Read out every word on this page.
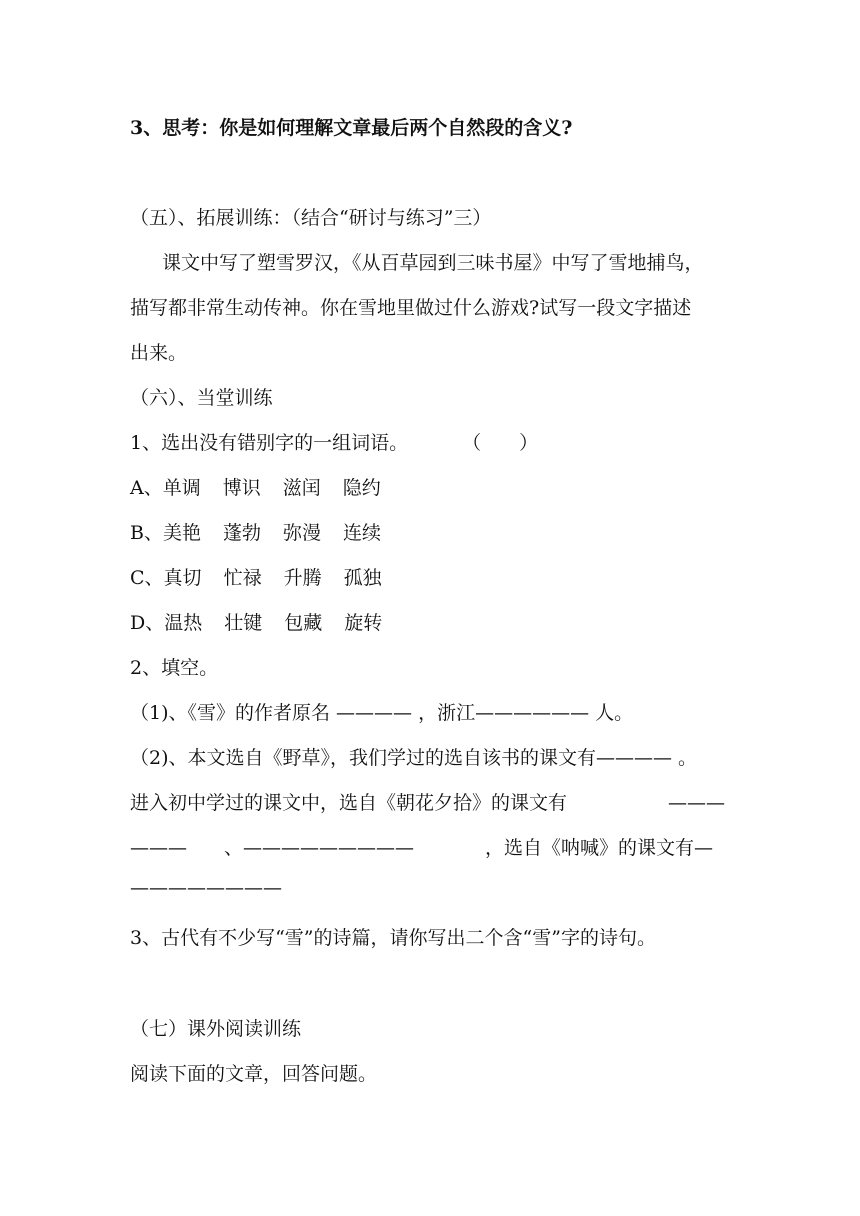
3、思考：你是如何理解文章最后两个自然段的含义?
（五）、拓展训练：（结合“研讨与练习”三）
课文中写了塑雪罗汉，《从百草园到三味书屋》中写了雪地捕鸟，
描写都非常生动传神。你在雪地里做过什么游戏?试写一段文字描述
出来。
（六）、当堂训练
1、选出没有错别字的一组词语。	（　　）
A、单调 博识 滋闰 隐约
B、美艳 蓬勃 弥漫 连续
C、真切 忙禄 升腾 孤独
D、温热 壮键 包藏 旋转
2、填空。
（1)、《雪》的作者原名 ———— ，浙江—————— 人。
（2)、本文选自《野草》，我们学过的选自该书的课文有———— 。
进入初中学过的课文中，选自《朝花夕拾》的课文有	———
——— 、—————————	，选自《呐喊》的课文有—
————————
3、古代有不少写“雪”的诗篇，请你写出二个含“雪”字的诗句。
（七）课外阅读训练
阅读下面的文章，回答问题。
